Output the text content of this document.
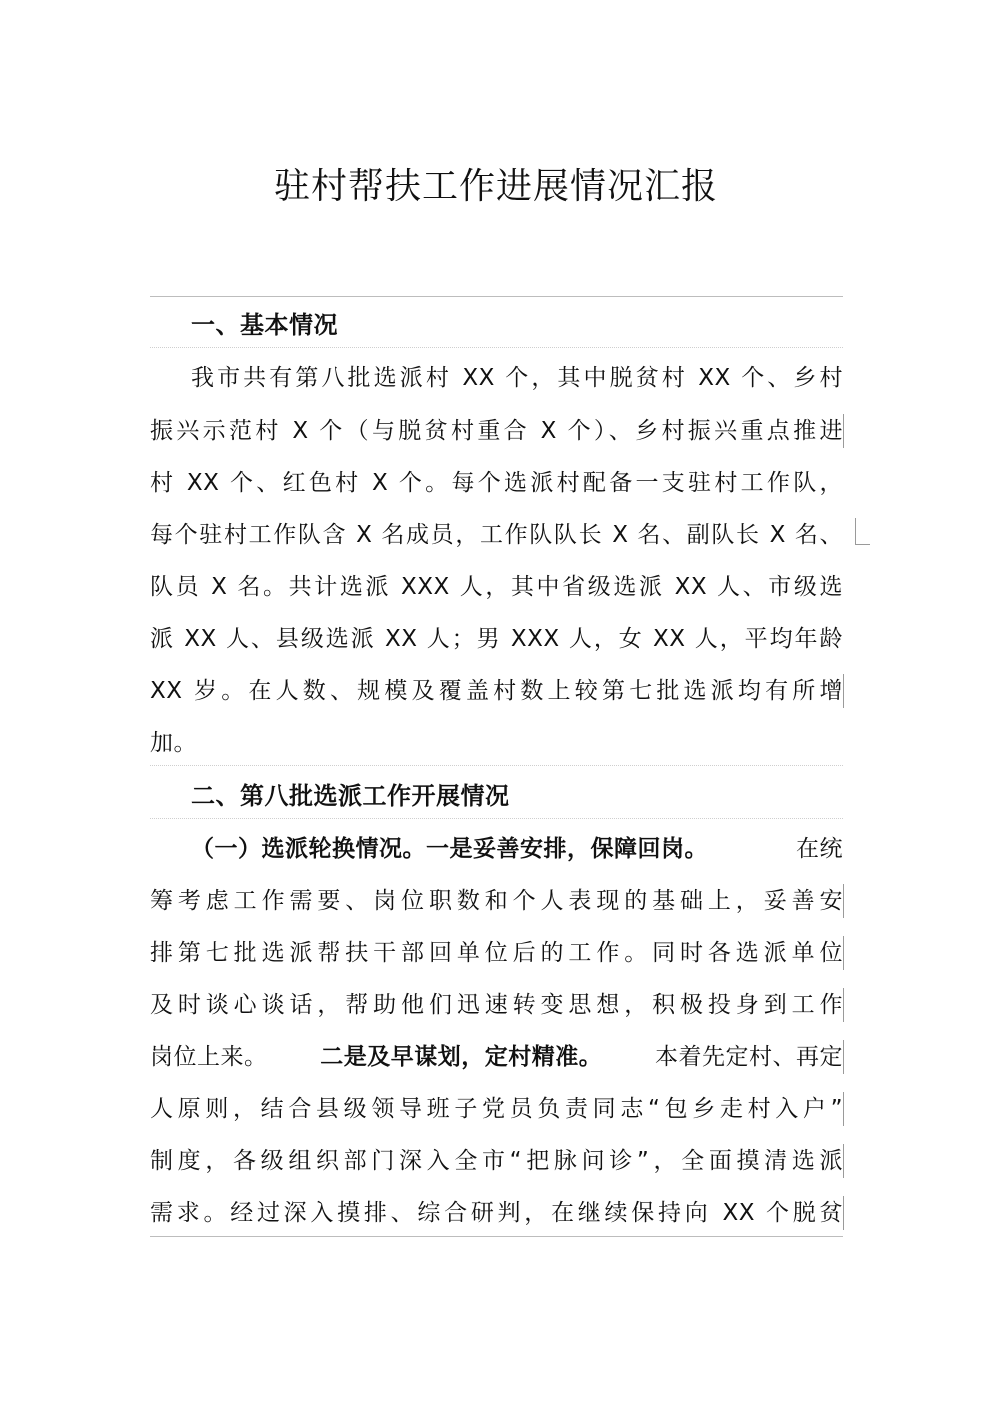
驻村帮扶工作进展情况汇报
一、基本情况
我市共有第八批选派村 XX 个，其中脱贫村 XX 个、乡村
振兴示范村 X 个（与脱贫村重合 X 个）、乡村振兴重点推进
村 XX 个、红色村 X 个。每个选派村配备一支驻村工作队，
每个驻村工作队含 X 名成员，工作队队长 X 名、副队长 X 名、
队员 X 名。共计选派 XXX 人，其中省级选派 XX 人、市级选
派 XX 人、县级选派 XX 人；男 XXX 人，女 XX 人，平均年龄
XX 岁。在人数、规模及覆盖村数上较第七批选派均有所增
加。
二、第八批选派工作开展情况
（一）选派轮换情况。一是妥善安排，保障回岗。	在统
筹考虑工作需要、岗位职数和个人表现的基础上，妥善安
排第七批选派帮扶干部回单位后的工作。同时各选派单位
及时谈心谈话，帮助他们迅速转变思想，积极投身到工作
岗位上来。 二是及早谋划，定村精准。 本着先定村、再定
人原则，结合县级领导班子党员负责同志“包乡走村入户”
制度，各级组织部门深入全市“把脉问诊”，全面摸清选派
需求。经过深入摸排、综合研判，在继续保持向 XX 个脱贫
